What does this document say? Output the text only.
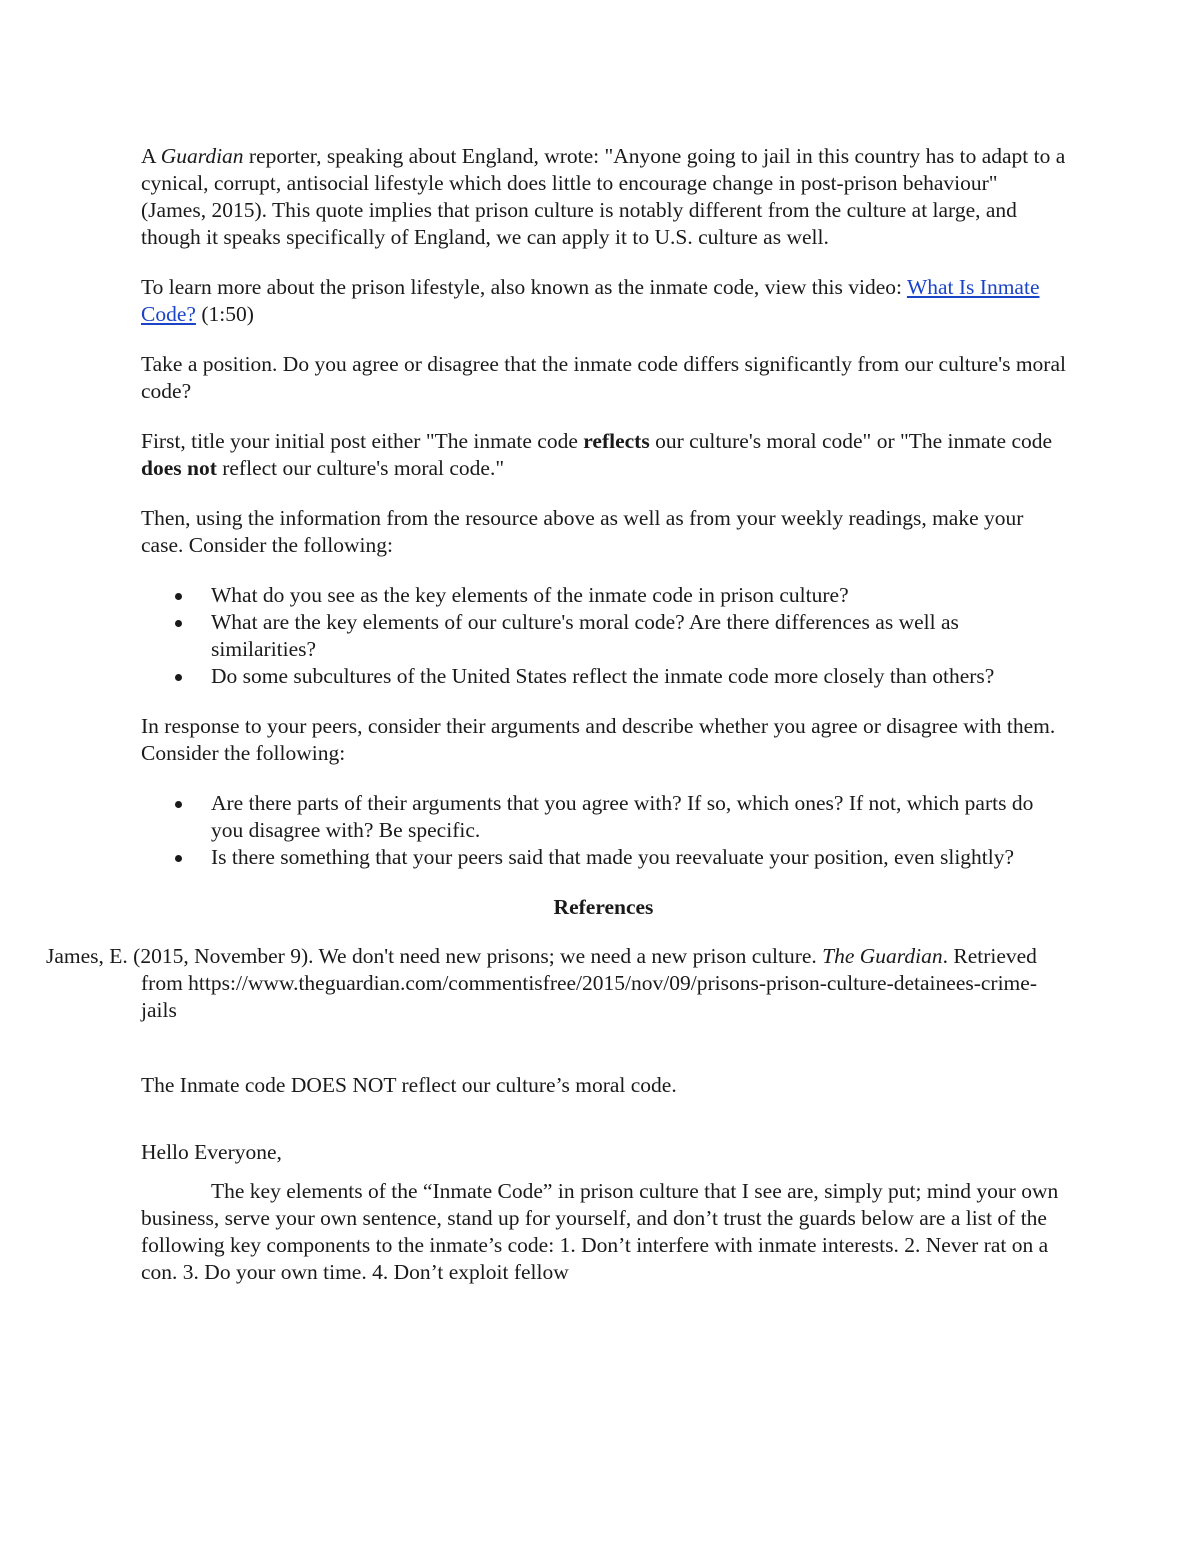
A Guardian reporter, speaking about England, wrote: "Anyone going to jail in this country has to adapt to a cynical, corrupt, antisocial lifestyle which does little to encourage change in post-prison behaviour" (James, 2015). This quote implies that prison culture is notably different from the culture at large, and though it speaks specifically of England, we can apply it to U.S. culture as well.

To learn more about the prison lifestyle, also known as the inmate code, view this video: What Is Inmate Code? (1:50)

Take a position. Do you agree or disagree that the inmate code differs significantly from our culture's moral code?

First, title your initial post either "The inmate code reflects our culture's moral code" or "The inmate code does not reflect our culture's moral code."

Then, using the information from the resource above as well as from your weekly readings, make your case. Consider the following:

What do you see as the key elements of the inmate code in prison culture?
What are the key elements of our culture's moral code? Are there differences as well as similarities?
Do some subcultures of the United States reflect the inmate code more closely than others?

In response to your peers, consider their arguments and describe whether you agree or disagree with them. Consider the following:

Are there parts of their arguments that you agree with? If so, which ones? If not, which parts do you disagree with? Be specific.
Is there something that your peers said that made you reevaluate your position, even slightly?
References
James, E. (2015, November 9). We don't need new prisons; we need a new prison culture. The Guardian. Retrieved from https://www.theguardian.com/commentisfree/2015/nov/09/prisons-prison-culture-detainees-crime-jails

The Inmate code DOES NOT reflect our culture’s moral code.

Hello Everyone,

The key elements of the “Inmate Code” in prison culture that I see are, simply put; mind your own business, serve your own sentence, stand up for yourself, and don’t trust the guards below are a list of the following key components to the inmate’s code: 1. Don’t interfere with inmate interests. 2. Never rat on a con. 3. Do your own time. 4. Don’t exploit fellow
